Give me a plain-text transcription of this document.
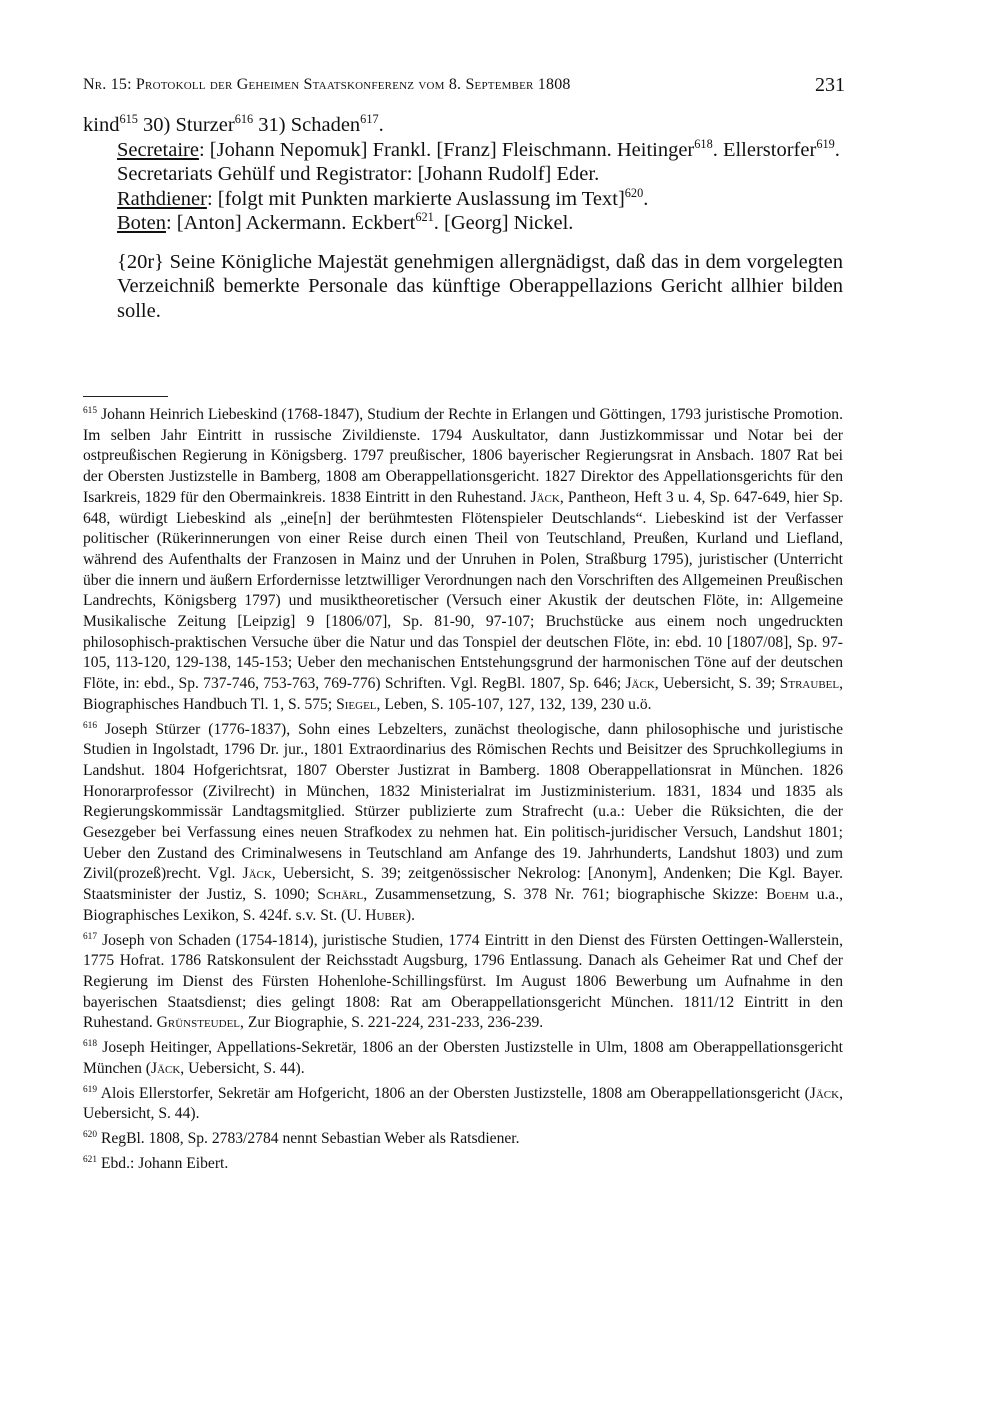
Nr. 15: Protokoll der Geheimen Staatskonferenz vom 8. September 1808	231

kind$^{615}$ 30) Sturzer$^{616}$ 31) Schaden$^{617}$.

Secretaire: [Johann Nepomuk] Frankl. [Franz] Fleischmann. Heitinger$^{618}$. Ellerstorfer$^{619}$.

Secretariats Gehülf und Registrator: [Johann Rudolf] Eder.

Rathdiener: [folgt mit Punkten markierte Auslassung im Text]$^{620}$.

Boten: [Anton] Ackermann. Eckbert$^{621}$. [Georg] Nickel.

{20r} Seine Königliche Majestät genehmigen allergnädigst, daß das in dem vorgelegten Verzeichniß bemerkte Personale das künftige Oberappellazions Gericht allhier bilden solle.

$^{615}$ Johann Heinrich Liebeskind (1768-1847), Studium der Rechte in Erlangen und Göttingen, 1793 juristische Promotion. Im selben Jahr Eintritt in russische Zivildienste. 1794 Auskultator, dann Justizkommissar und Notar bei der ostpreußischen Regierung in Königsberg. 1797 preußischer, 1806 bayerischer Regierungsrat in Ansbach. 1807 Rat bei der Obersten Justizstelle in Bamberg, 1808 am Oberappellationsgericht. 1827 Direktor des Appellationsgerichts für den Isarkreis, 1829 für den Obermainkreis. 1838 Eintritt in den Ruhestand. Jäck, Pantheon, Heft 3 u. 4, Sp. 647-649, hier Sp. 648, würdigt Liebeskind als „eine[n] der berühmtesten Flötenspieler Deutschlands“. Liebeskind ist der Verfasser politischer (Rükerinnerungen von einer Reise durch einen Theil von Teutschland, Preußen, Kurland und Liefland, während des Aufenthalts der Franzosen in Mainz und der Unruhen in Polen, Straßburg 1795), juristischer (Unterricht über die innern und äußern Erfordernisse letztwilliger Verordnungen nach den Vorschriften des Allgemeinen Preußischen Landrechts, Königsberg 1797) und musiktheoretischer (Versuch einer Akustik der deutschen Flöte, in: Allgemeine Musikalische Zeitung [Leipzig] 9 [1806/07], Sp. 81-90, 97-107; Bruchstücke aus einem noch ungedruckten philosophisch-praktischen Versuche über die Natur und das Tonspiel der deutschen Flöte, in: ebd. 10 [1807/08], Sp. 97-105, 113-120, 129-138, 145-153; Ueber den mechanischen Entstehungsgrund der harmonischen Töne auf der deutschen Flöte, in: ebd., Sp. 737-746, 753-763, 769-776) Schriften. Vgl. RegBl. 1807, Sp. 646; Jäck, Uebersicht, S. 39; Straubel, Biographisches Handbuch Tl. 1, S. 575; Siegel, Leben, S. 105-107, 127, 132, 139, 230 u.ö.

$^{616}$ Joseph Stürzer (1776-1837), Sohn eines Lebzelters, zunächst theologische, dann philosophische und juristische Studien in Ingolstadt, 1796 Dr. jur., 1801 Extraordinarius des Römischen Rechts und Beisitzer des Spruchkollegiums in Landshut. 1804 Hofgerichtsrat, 1807 Oberster Justizrat in Bamberg. 1808 Oberappellationsrat in München. 1826 Honorarprofessor (Zivilrecht) in München, 1832 Ministerialrat im Justizministerium. 1831, 1834 und 1835 als Regierungskommissär Landtagsmitglied. Stürzer publizierte zum Strafrecht (u.a.: Ueber die Rüksichten, die der Gesezgeber bei Verfassung eines neuen Strafkodex zu nehmen hat. Ein politisch-juridischer Versuch, Landshut 1801; Ueber den Zustand des Criminalwesens in Teutschland am Anfange des 19. Jahrhunderts, Landshut 1803) und zum Zivil(prozeß)recht. Vgl. Jäck, Uebersicht, S. 39; zeitgenössischer Nekrolog: [Anonym], Andenken; Die Kgl. Bayer. Staatsminister der Justiz, S. 1090; Schärl, Zusammensetzung, S. 378 Nr. 761; biographische Skizze: Boehm u.a., Biographisches Lexikon, S. 424f. s.v. St. (U. Huber).

$^{617}$ Joseph von Schaden (1754-1814), juristische Studien, 1774 Eintritt in den Dienst des Fürsten Oettingen-Wallerstein, 1775 Hofrat. 1786 Ratskonsulent der Reichsstadt Augsburg, 1796 Entlassung. Danach als Geheimer Rat und Chef der Regierung im Dienst des Fürsten Hohenlohe-Schillingsfürst. Im August 1806 Bewerbung um Aufnahme in den bayerischen Staatsdienst; dies gelingt 1808: Rat am Oberappellationsgericht München. 1811/12 Eintritt in den Ruhestand. Grünsteudel, Zur Biographie, S. 221-224, 231-233, 236-239.

$^{618}$ Joseph Heitinger, Appellations-Sekretär, 1806 an der Obersten Justizstelle in Ulm, 1808 am Oberappellationsgericht München (Jäck, Uebersicht, S. 44).

$^{619}$ Alois Ellerstorfer, Sekretär am Hofgericht, 1806 an der Obersten Justizstelle, 1808 am Oberappellationsgericht (Jäck, Uebersicht, S. 44).

$^{620}$ RegBl. 1808, Sp. 2783/2784 nennt Sebastian Weber als Ratsdiener.

$^{621}$ Ebd.: Johann Eibert.
